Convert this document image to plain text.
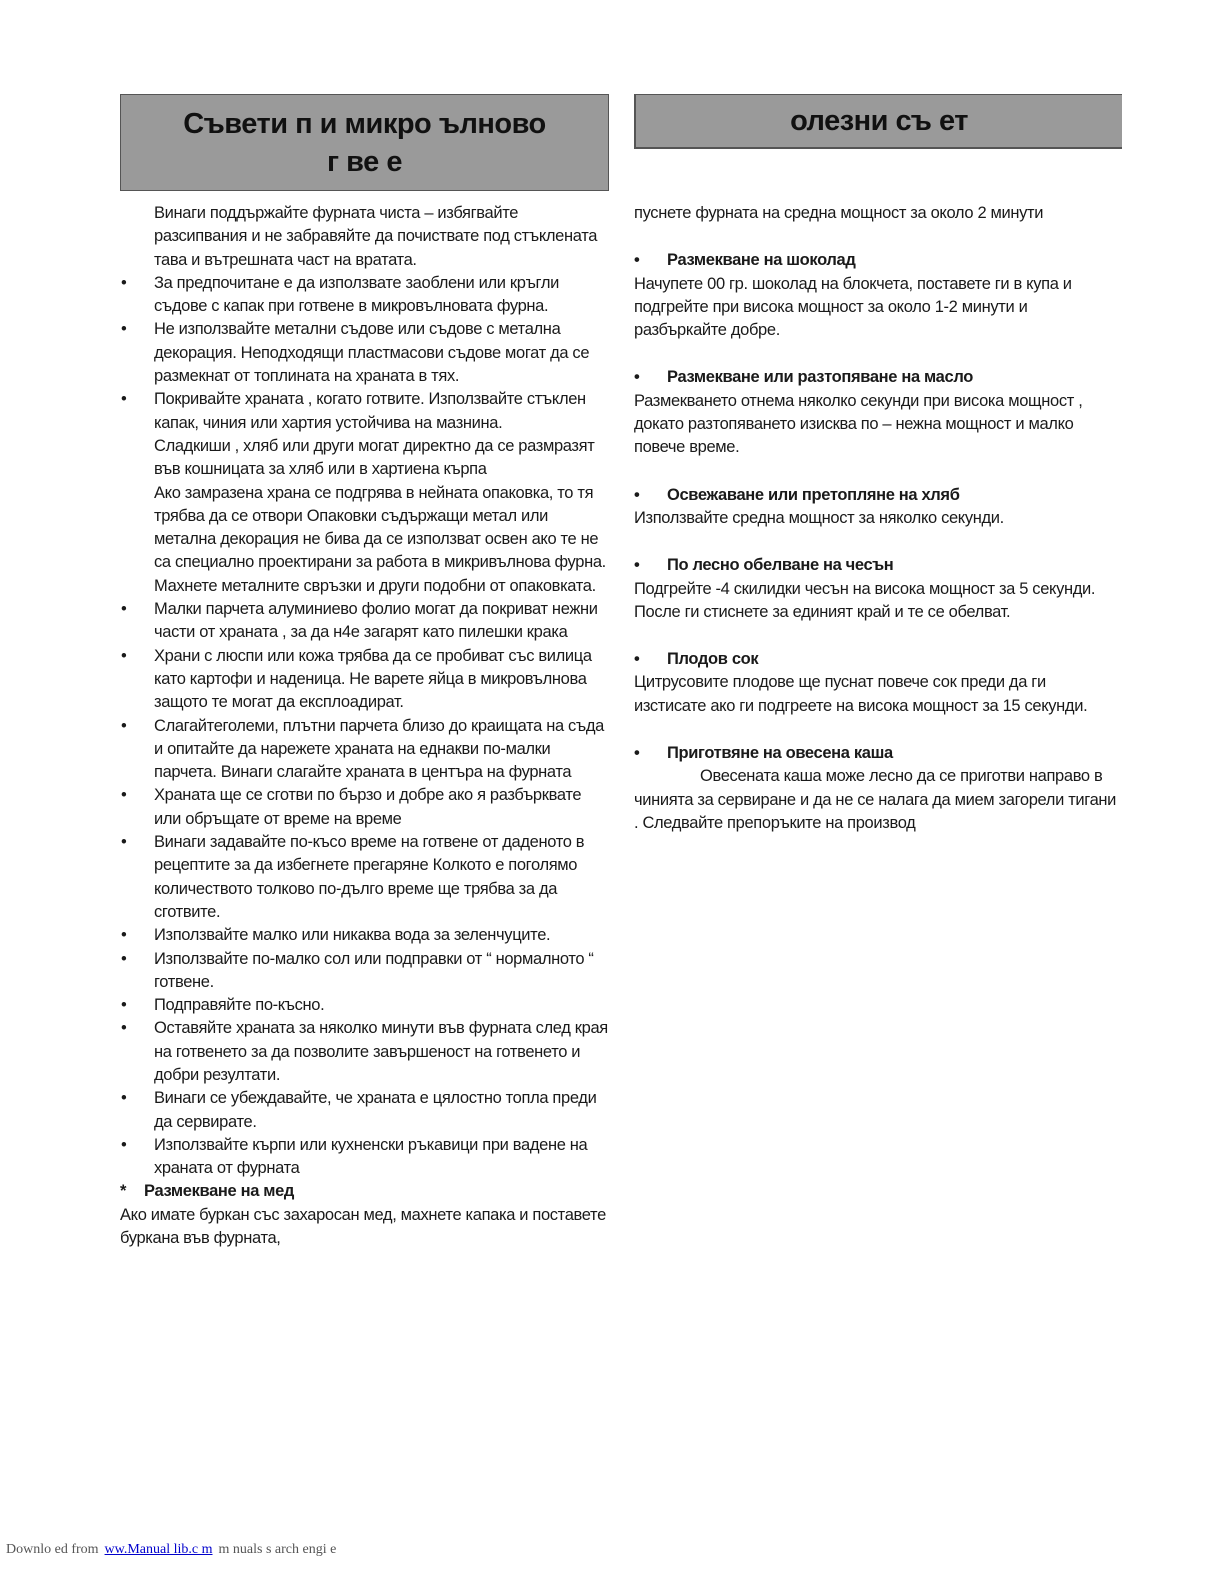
Съвети п и микро ълново
г ве е
олезни съ ет
Винаги поддържайте фурната чиста – избягвайте разсипвания и не забравяйте да почиствате под стъклената тава и вътрешната част на вратата.
• За предпочитане е да използвате заоблени или кръгли съдове с капак при готвене в микровълновата фурна.
• Не използвайте метални съдове или съдове с метална декорация. Неподходящи пластмасови съдове могат да се размекнат от топлината на храната в тях.
• Покривайте храната , когато готвите. Използвайте стъклен капак, чиния или хартия устойчива на мазнина.
Сладкиши , хляб или други могат директно да се размразят във кошницата за хляб или в хартиена кърпа
Ако замразена храна се подгрява в нейната опаковка, то тя трябва да се отвори Опаковки съдържащи метал или метална декорация не бива да се използват освен ако те не са специално проектирани за работа в микривълнова фурна. Махнете металните свръзки и други подобни от опаковката.
• Малки парчета алуминиево фолио могат да покриват нежни части от храната , за да н4е загарят като пилешки крака
• Храни с люспи или кожа трябва да се пробиват със вилица като картофи и наденица. Не варете яйца в микровълнова защото те могат да експлоадират.
• Слагайтеголеми, плътни парчета близо до краищата на съда и опитайте да нарежете храната на еднакви по-малки парчета. Винаги слагайте храната в центъра на фурната
• Храната ще се сготви по бързо и добре ако я разбърквате или обръщате от време на време
• Винаги задавайте по-късо време на готвене от даденото в рецептите за да избегнете прегаряне Колкото е поголямо количеството толково по-дълго време ще трябва за да сготвите.
• Използвайте малко или никаква вода за зеленчуците.
• Използвайте по-малко сол или подправки от “ нормалното “ готвене.
• Подправяйте по-късно.
• Оставяйте храната за няколко минути във фурната след края на готвенето за да позволите завършеност на готвенето и добри резултати.
• Винаги се убеждавайте, че храната е цялостно топла преди да сервирате.
• Използвайте кърпи или кухненски ръкавици при вадене на храната от фурната
* Размекване на мед
Ако имате буркан със захаросан мед, махнете капака и поставете буркана във фурната,
пуснете фурната на средна мощност за около 2 минути
• Размекване на шоколад
Начупете 00 гр. шоколад на блокчета, поставете ги в купа и подгрейте при висока мощност за около 1-2 минути и разбъркайте добре.
• Размекване или разтопяване на масло
Размекването отнема няколко секунди при висока мощност , докато разтопяването изисква по – нежна мощност и малко повече време.
• Освежаване или претопляне на хляб
Използвайте средна мощност за няколко секунди.
• По лесно обелване на чесън
Подгрейте -4 скилидки чесън на висока мощност за 5 секунди. После ги стиснете за единият край и те се обелват.
• Плодов сок
Цитрусовите плодове ще пуснат повече сок преди да ги изстисате ако ги подгреете на висока мощност за 15 секунди.
• Приготвяне на овесена каша
Овесената каша може лесно да се приготви направо в чинията за сервиране и да не се налага да мием загорели тигани . Следвайте препоръките на производ
Downlo ed from ww.Manual lib.c m m nuals s arch engi e
